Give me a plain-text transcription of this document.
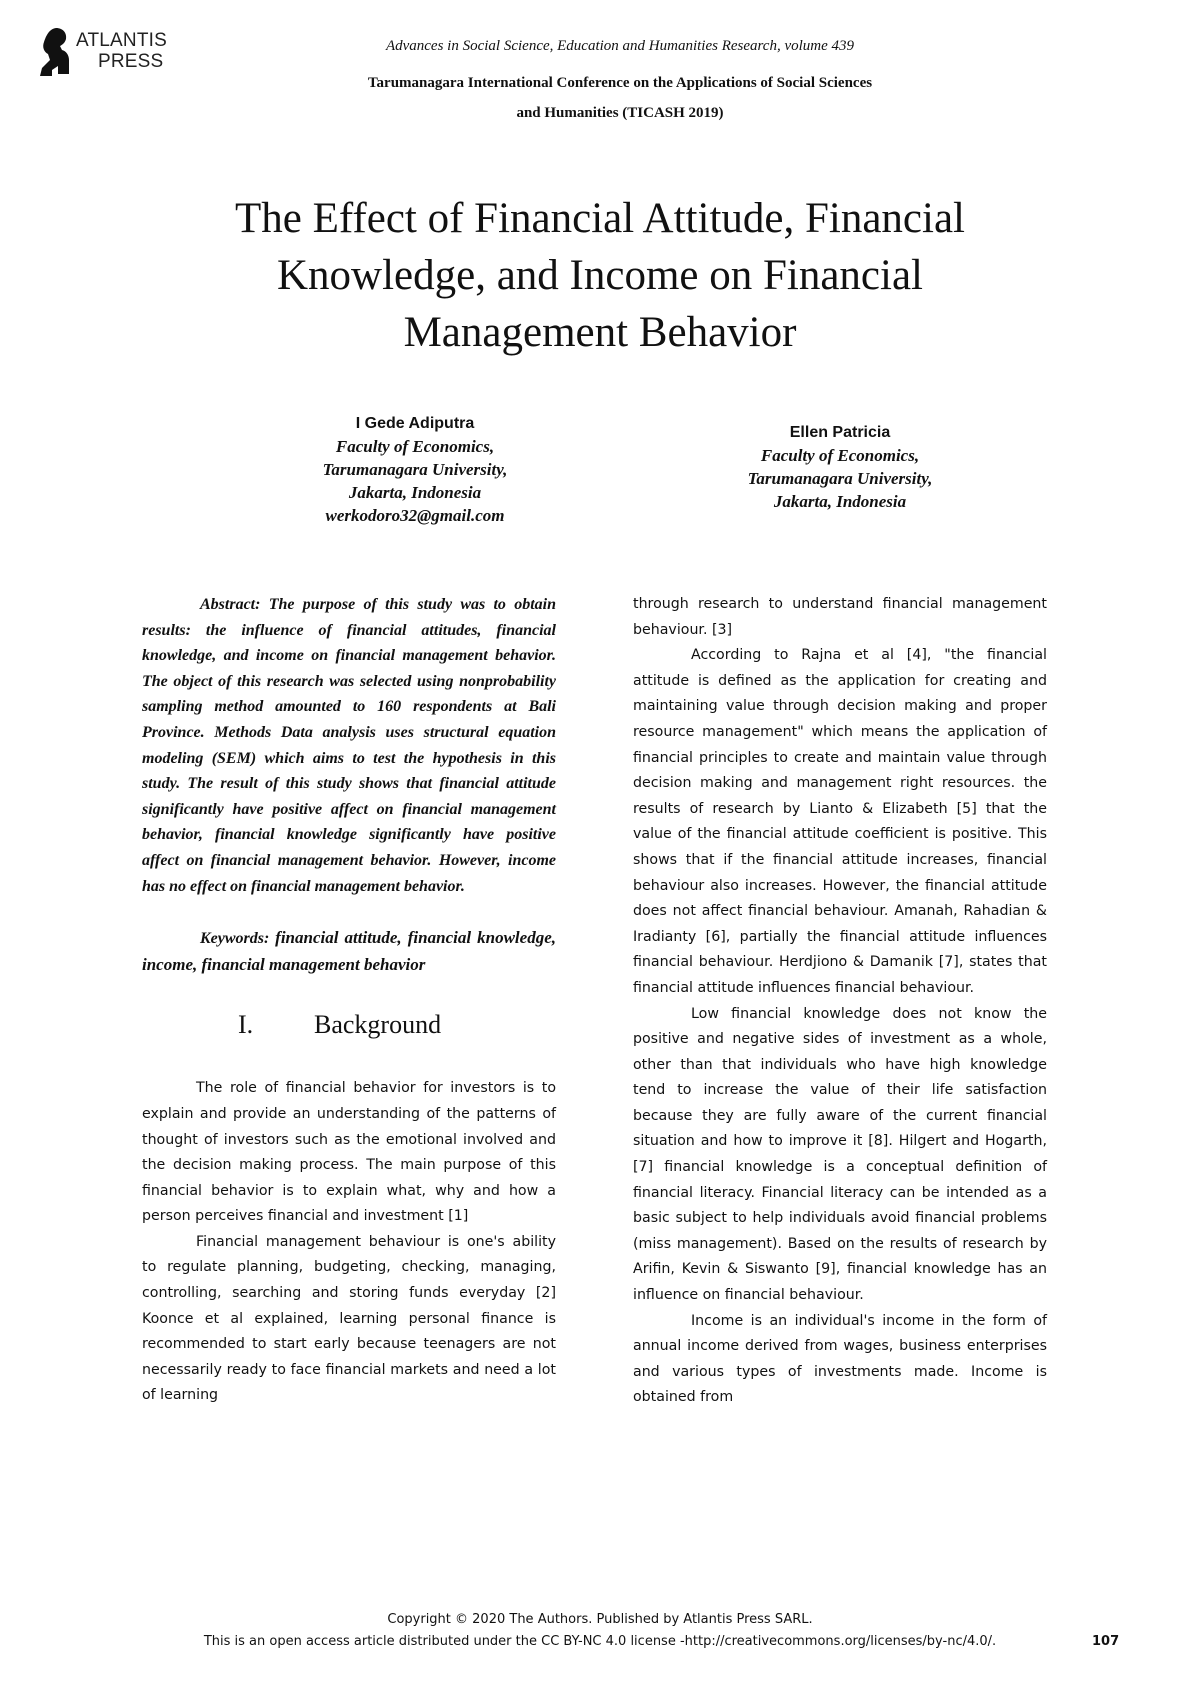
ATLANTIS
PRESS
Advances in Social Science, Education and Humanities Research, volume 439
Tarumanagara International Conference on the Applications of Social Sciences
and Humanities (TICASH 2019)
The Effect of Financial Attitude, Financial
Knowledge, and Income on Financial
Management Behavior
I Gede Adiputra
Faculty of Economics,
Tarumanagara University,
Jakarta, Indonesia
werkodoro32@gmail.com
Ellen Patricia
Faculty of Economics,
Tarumanagara University,
Jakarta, Indonesia

Abstract: The purpose of this study was to obtain results: the influence of financial attitudes, financial knowledge, and income on financial management behavior. The object of this research was selected using nonprobability sampling method amounted to 160 respondents at Bali Province. Methods Data analysis uses structural equation modeling (SEM) which aims to test the hypothesis in this study. The result of this study shows that financial attitude significantly have positive affect on financial management behavior, financial knowledge significantly have positive affect on financial management behavior. However, income has no effect on financial management behavior.

Keywords: financial attitude, financial knowledge, income, financial management behavior

I. Background

The role of financial behavior for investors is to explain and provide an understanding of the patterns of thought of investors such as the emotional involved and the decision making process. The main purpose of this financial behavior is to explain what, why and how a person perceives financial and investment [1]

Financial management behaviour is one's ability to regulate planning, budgeting, checking, managing, controlling, searching and storing funds everyday [2] Koonce et al explained, learning personal finance is recommended to start early because teenagers are not necessarily ready to face financial markets and need a lot of learning

through research to understand financial management behaviour. [3]

According to Rajna et al [4], "the financial attitude is defined as the application for creating and maintaining value through decision making and proper resource management" which means the application of financial principles to create and maintain value through decision making and management right resources. the results of research by Lianto & Elizabeth [5] that the value of the financial attitude coefficient is positive. This shows that if the financial attitude increases, financial behaviour also increases. However, the financial attitude does not affect financial behaviour. Amanah, Rahadian & Iradianty [6], partially the financial attitude influences financial behaviour. Herdjiono & Damanik [7], states that financial attitude influences financial behaviour.

Low financial knowledge does not know the positive and negative sides of investment as a whole, other than that individuals who have high knowledge tend to increase the value of their life satisfaction because they are fully aware of the current financial situation and how to improve it [8]. Hilgert and Hogarth,[7] financial knowledge is a conceptual definition of financial literacy. Financial literacy can be intended as a basic subject to help individuals avoid financial problems (miss management). Based on the results of research by Arifin, Kevin & Siswanto [9], financial knowledge has an influence on financial behaviour.

Income is an individual's income in the form of annual income derived from wages, business enterprises and various types of investments made. Income is obtained from

Copyright © 2020 The Authors. Published by Atlantis Press SARL.
This is an open access article distributed under the CC BY-NC 4.0 license -http://creativecommons.org/licenses/by-nc/4.0/.	107
